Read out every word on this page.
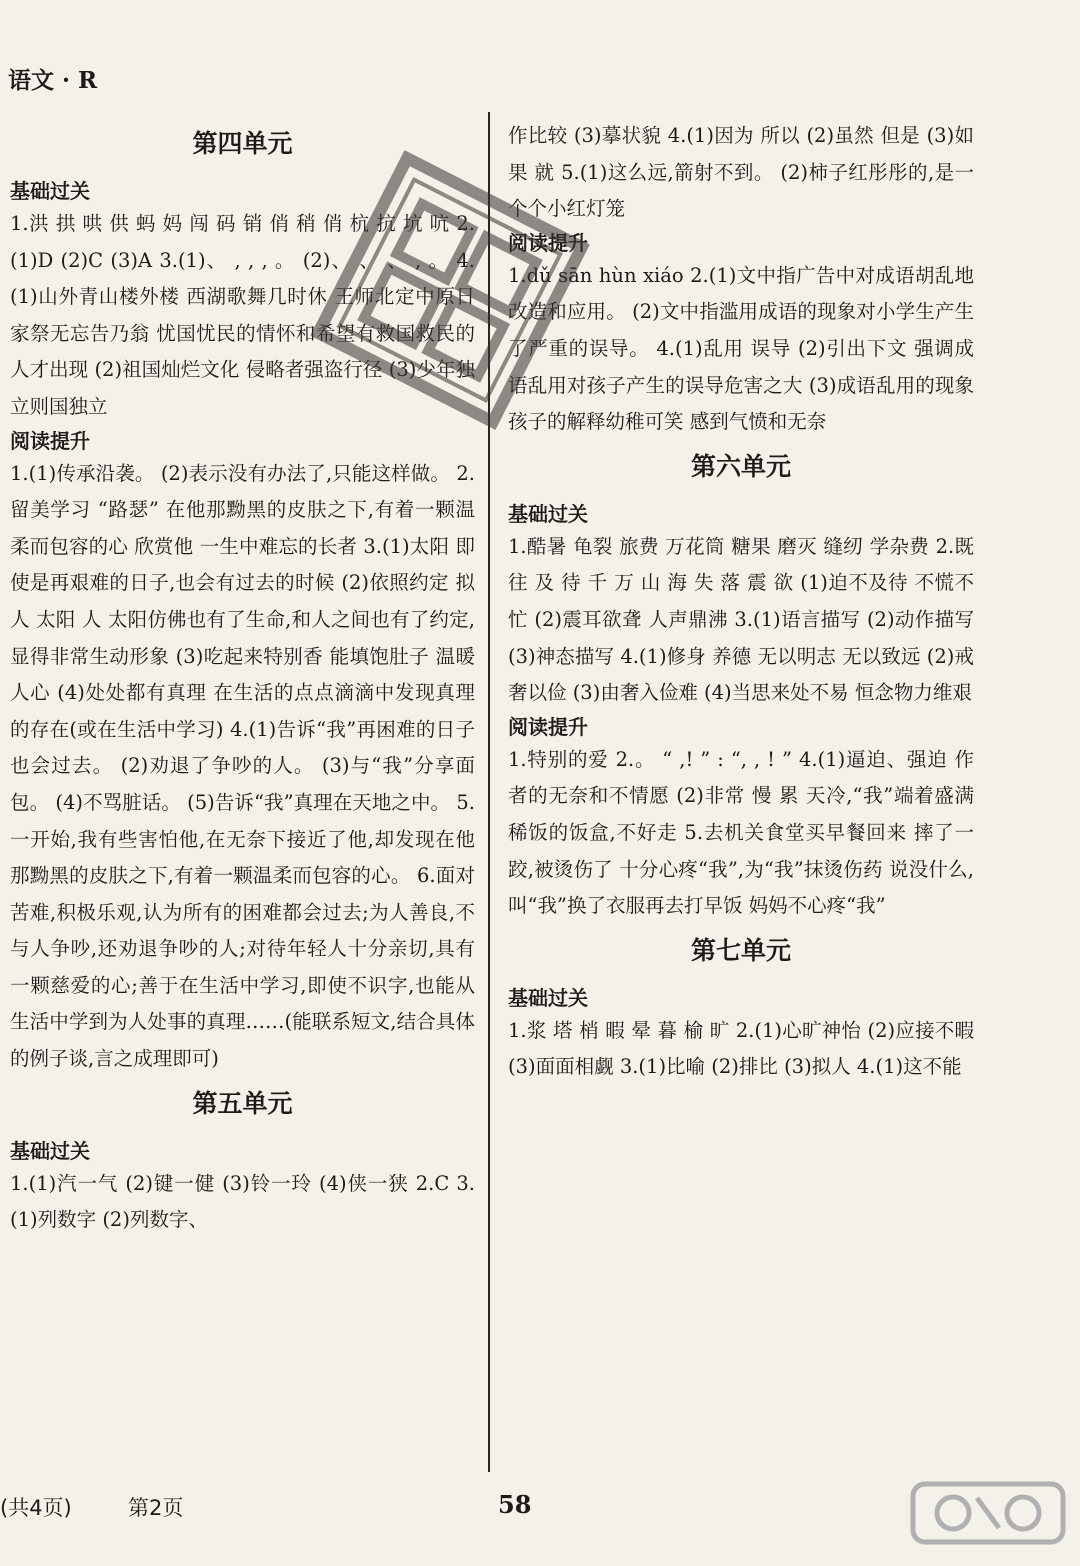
语文 · R
第四单元
基础过关
1.洪 拱 哄 供 蚂 妈 闯 码 销 俏 稍 俏 杭 抗 坑 吭 2.(1)D (2)C (3)A 3.(1)、 , , , 。 (2)、 、 、 , 。 4.(1)山外青山楼外楼 西湖歌舞几时休 王师北定中原日 家祭无忘告乃翁 忧国忧民的情怀和希望有救国救民的人才出现 (2)祖国灿烂文化 侵略者强盗行径 (3)少年独立则国独立
阅读提升
1.(1)传承沿袭。 (2)表示没有办法了,只能这样做。 2.留美学习 “路瑟” 在他那黝黑的皮肤之下,有着一颗温柔而包容的心 欣赏他 一生中难忘的长者 3.(1)太阳 即使是再艰难的日子,也会有过去的时候 (2)依照约定 拟人 太阳 人 太阳仿佛也有了生命,和人之间也有了约定,显得非常生动形象 (3)吃起来特别香 能填饱肚子 温暖人心 (4)处处都有真理 在生活的点点滴滴中发现真理的存在(或在生活中学习) 4.(1)告诉“我”再困难的日子也会过去。 (2)劝退了争吵的人。 (3)与“我”分享面包。 (4)不骂脏话。 (5)告诉“我”真理在天地之中。 5.一开始,我有些害怕他,在无奈下接近了他,却发现在他那黝黑的皮肤之下,有着一颗温柔而包容的心。 6.面对苦难,积极乐观,认为所有的困难都会过去;为人善良,不与人争吵,还劝退争吵的人;对待年轻人十分亲切,具有一颗慈爱的心;善于在生活中学习,即使不识字,也能从生活中学到为人处事的真理……(能联系短文,结合具体的例子谈,言之成理即可)
第五单元
基础过关
1.(1)汽一气 (2)键一健 (3)铃一玲 (4)侠一狭 2.C 3.(1)列数字 (2)列数字、
作比较 (3)摹状貌 4.(1)因为 所以 (2)虽然 但是 (3)如果 就 5.(1)这么远,箭射不到。 (2)柿子红彤彤的,是一个个小红灯笼
阅读提升
1.dǔ sān hùn xiáo 2.(1)文中指广告中对成语胡乱地改造和应用。 (2)文中指滥用成语的现象对小学生产生了严重的误导。 4.(1)乱用 误导 (2)引出下文 强调成语乱用对孩子产生的误导危害之大 (3)成语乱用的现象 孩子的解释幼稚可笑 感到气愤和无奈
第六单元
基础过关
1.酷暑 龟裂 旅费 万花筒 糖果 磨灭 缝纫 学杂费 2.既 往 及 待 千 万 山 海 失 落 震 欲 (1)迫不及待 不慌不忙 (2)震耳欲聋 人声鼎沸 3.(1)语言描写 (2)动作描写 (3)神态描写 4.(1)修身 养德 无以明志 无以致远 (2)戒奢以俭 (3)由奢入俭难 (4)当思来处不易 恒念物力维艰
阅读提升
1.特别的爱 2.。 “ ,! ” : “, , ! ” 4.(1)逼迫、强迫 作者的无奈和不情愿 (2)非常 慢 累 天冷,“我”端着盛满稀饭的饭盒,不好走 5.去机关食堂买早餐回来 摔了一跤,被烫伤了 十分心疼“我”,为“我”抹烫伤药 说没什么,叫“我”换了衣服再去打早饭 妈妈不心疼“我”
第七单元
基础过关
1.浆 塔 梢 暇 晕 暮 榆 旷 2.(1)心旷神怡 (2)应接不暇 (3)面面相觑 3.(1)比喻 (2)排比 (3)拟人 4.(1)这不能
(共4页)	第2页	58
